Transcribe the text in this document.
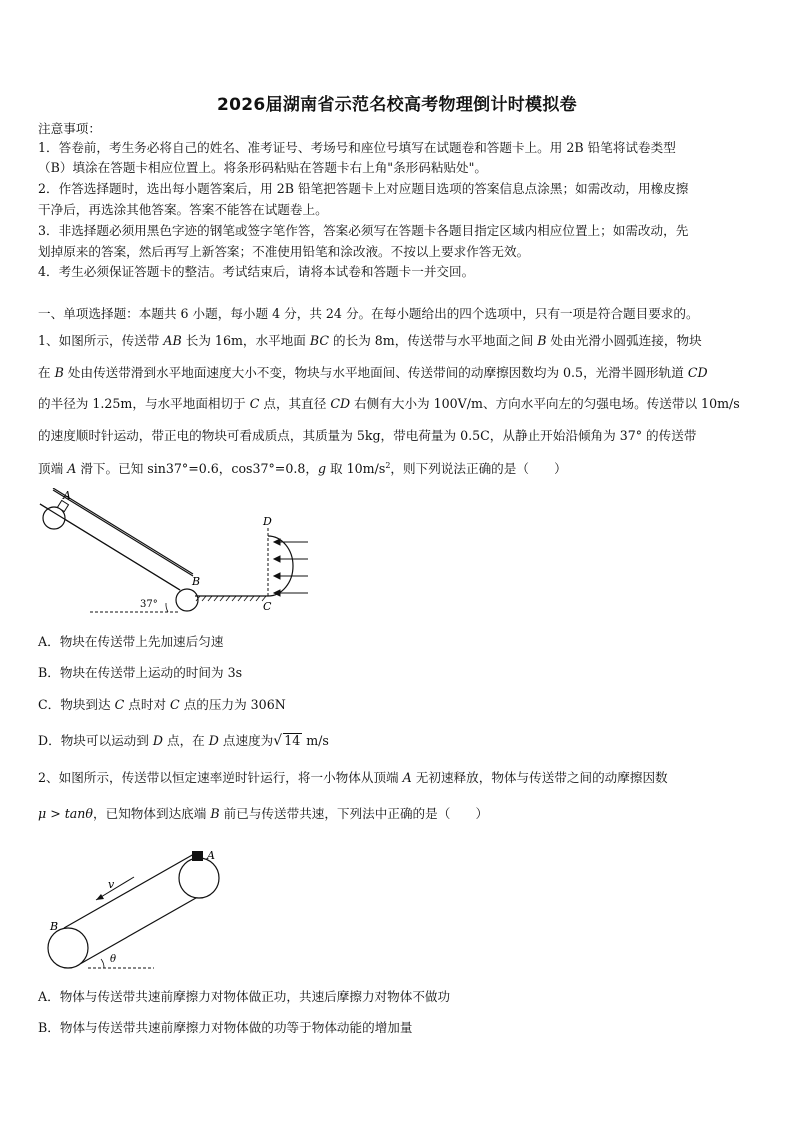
2026届湖南省示范名校高考物理倒计时模拟卷
注意事项：
1．答卷前，考生务必将自己的姓名、准考证号、考场号和座位号填写在试题卷和答题卡上。用 2B 铅笔将试卷类型
（B）填涂在答题卡相应位置上。将条形码粘贴在答题卡右上角"条形码粘贴处"。
2．作答选择题时，选出每小题答案后，用 2B 铅笔把答题卡上对应题目选项的答案信息点涂黑；如需改动，用橡皮擦
干净后，再选涂其他答案。答案不能答在试题卷上。
3．非选择题必须用黑色字迹的钢笔或签字笔作答，答案必须写在答题卡各题目指定区域内相应位置上；如需改动，先
划掉原来的答案，然后再写上新答案；不准使用铅笔和涂改液。不按以上要求作答无效。
4．考生必须保证答题卡的整洁。考试结束后，请将本试卷和答题卡一并交回。
一、单项选择题：本题共 6 小题，每小题 4 分，共 24 分。在每小题给出的四个选项中，只有一项是符合题目要求的。
1、如图所示，传送带 AB 长为 16m，水平地面 BC 的长为 8m，传送带与水平地面之间 B 处由光滑小圆弧连接，物块
在 B 处由传送带滑到水平地面速度大小不变，物块与水平地面间、传送带间的动摩擦因数均为 0.5，光滑半圆形轨道 CD
的半径为 1.25m，与水平地面相切于 C 点，其直径 CD 右侧有大小为 100V/m、方向水平向左的匀强电场。传送带以 10m/s
的速度顺时针运动，带正电的物块可看成质点，其质量为 5kg，带电荷量为 0.5C，从静止开始沿倾角为 37° 的传送带
顶端 A 滑下。已知 sin37°=0.6，cos37°=0.8，g 取 $10m/s^2$，则下列说法正确的是（　　）
A
37°
B
D
C
A．物块在传送带上先加速后匀速
B．物块在传送带上运动的时间为 3s
C．物块到达 C 点时对 C 点的压力为 306N
D．物块可以运动到 D 点，在 D 点速度为√ 14 m/s
2、如图所示，传送带以恒定速率逆时针运行，将一小物体从顶端 A 无初速释放，物体与传送带之间的动摩擦因数
μ > tanθ，已知物体到达底端 B 前已与传送带共速，下列法中正确的是（　　）
A
B
v
θ
A．物体与传送带共速前摩擦力对物体做正功，共速后摩擦力对物体不做功
B．物体与传送带共速前摩擦力对物体做的功等于物体动能的增加量
